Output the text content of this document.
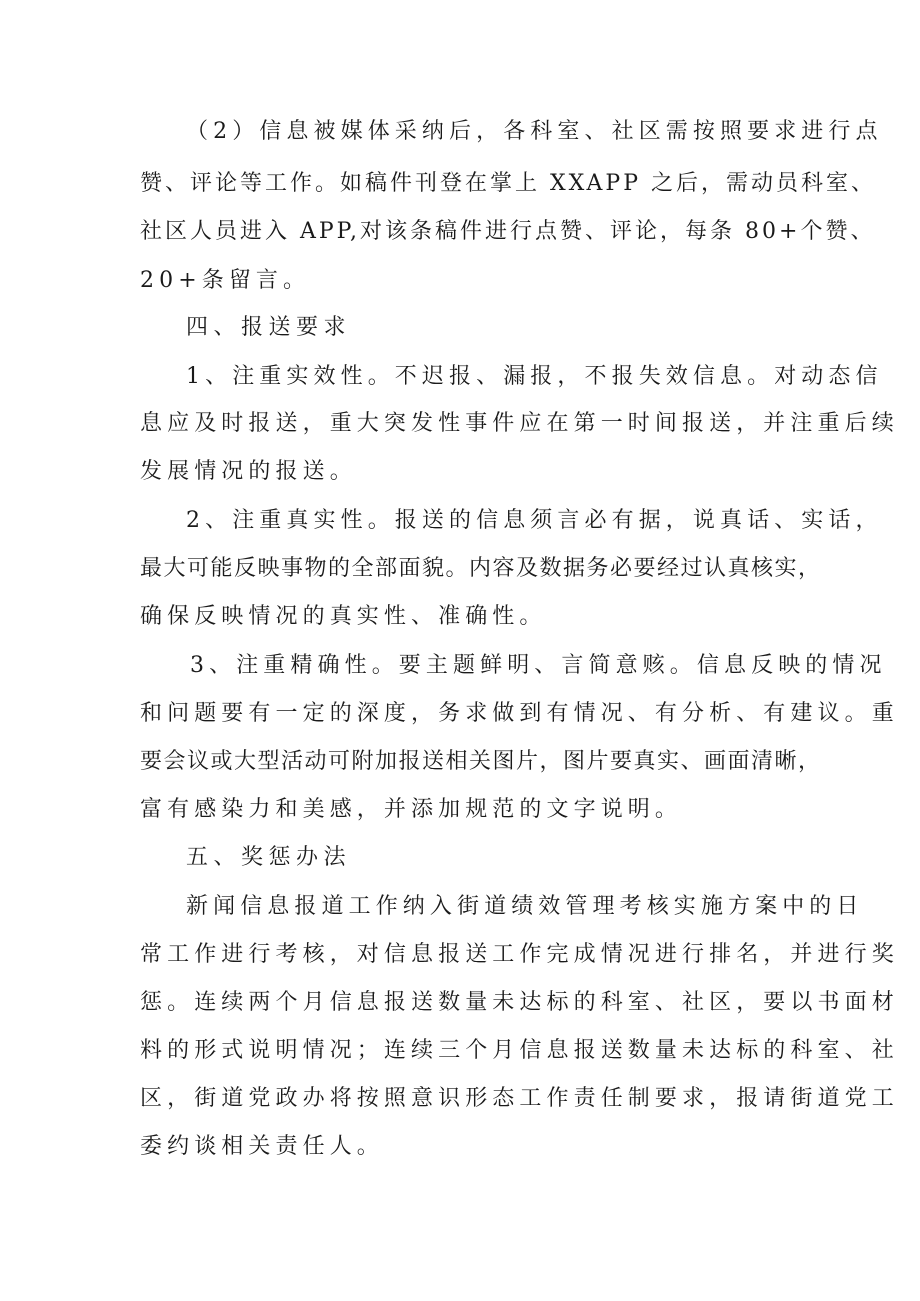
（2）信息被媒体采纳后，各科室、社区需按照要求进行点
赞、评论等工作。如稿件刊登在掌上 XXAPP 之后，需动员科室、
社区人员进入 APP,对该条稿件进行点赞、评论，每条 80+个赞、
20+条留言。
四、报送要求
1、注重实效性。不迟报、漏报，不报失效信息。对动态信
息应及时报送，重大突发性事件应在第一时间报送，并注重后续
发展情况的报送。
2、注重真实性。报送的信息须言必有据，说真话、实话，
最大可能反映事物的全部面貌。内容及数据务必要经过认真核实，
确保反映情况的真实性、准确性。
3、注重精确性。要主题鲜明、言简意赅。信息反映的情况
和问题要有一定的深度，务求做到有情况、有分析、有建议。重
要会议或大型活动可附加报送相关图片，图片要真实、画面清晰，
富有感染力和美感，并添加规范的文字说明。
五、奖惩办法
新闻信息报道工作纳入街道绩效管理考核实施方案中的日
常工作进行考核，对信息报送工作完成情况进行排名，并进行奖
惩。连续两个月信息报送数量未达标的科室、社区，要以书面材
料的形式说明情况；连续三个月信息报送数量未达标的科室、社
区，街道党政办将按照意识形态工作责任制要求，报请街道党工
委约谈相关责任人。
